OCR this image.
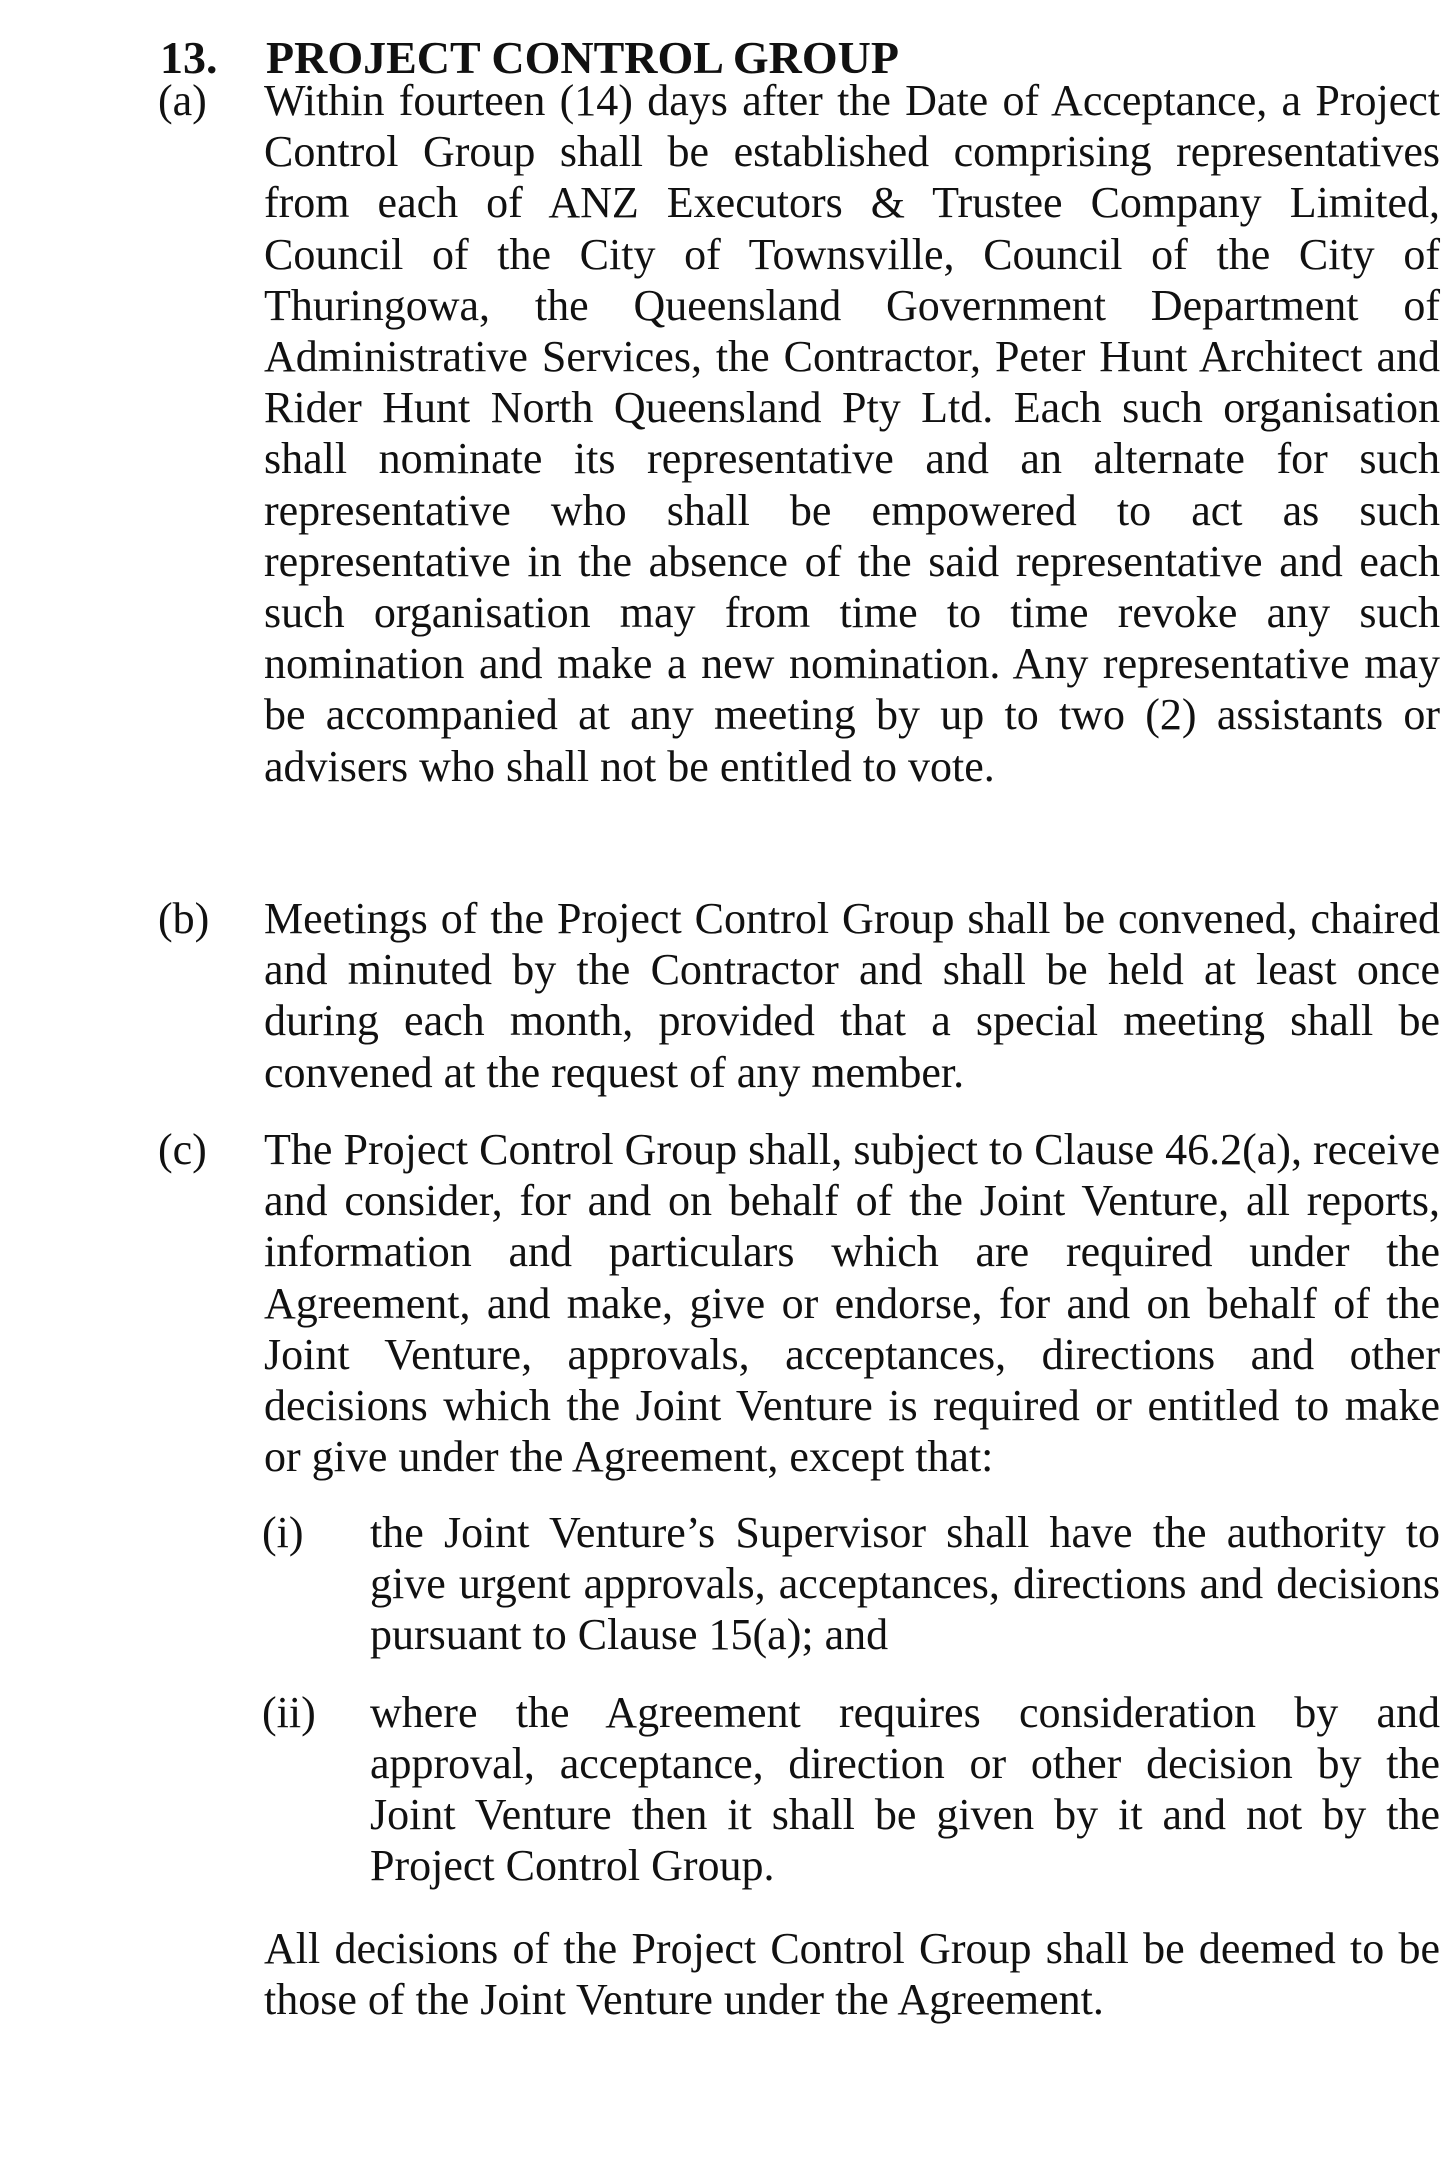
13. PROJECT CONTROL GROUP
(a) Within fourteen (14) days after the Date of Acceptance, a Project Control Group shall be established comprising representatives from each of ANZ Executors & Trustee Company Limited, Council of the City of Townsville, Council of the City of Thuringowa, the Queensland Government Department of Administrative Services, the Contractor, Peter Hunt Architect and Rider Hunt North Queensland Pty Ltd. Each such organisation shall nominate its representative and an alternate for such representative who shall be empowered to act as such representative in the absence of the said representative and each such organisation may from time to time revoke any such nomination and make a new nomination. Any representative may be accompanied at any meeting by up to two (2) assistants or advisers who shall not be entitled to vote.
(b) Meetings of the Project Control Group shall be convened, chaired and minuted by the Contractor and shall be held at least once during each month, provided that a special meeting shall be convened at the request of any member.
(c) The Project Control Group shall, subject to Clause 46.2(a), receive and consider, for and on behalf of the Joint Venture, all reports, information and particulars which are required under the Agreement, and make, give or endorse, for and on behalf of the Joint Venture, approvals, acceptances, directions and other decisions which the Joint Venture is required or entitled to make or give under the Agreement, except that:
(i) the Joint Venture’s Supervisor shall have the authority to give urgent approvals, acceptances, directions and decisions pursuant to Clause 15(a); and
(ii) where the Agreement requires consideration by and approval, acceptance, direction or other decision by the Joint Venture then it shall be given by it and not by the Project Control Group.
All decisions of the Project Control Group shall be deemed to be those of the Joint Venture under the Agreement.
